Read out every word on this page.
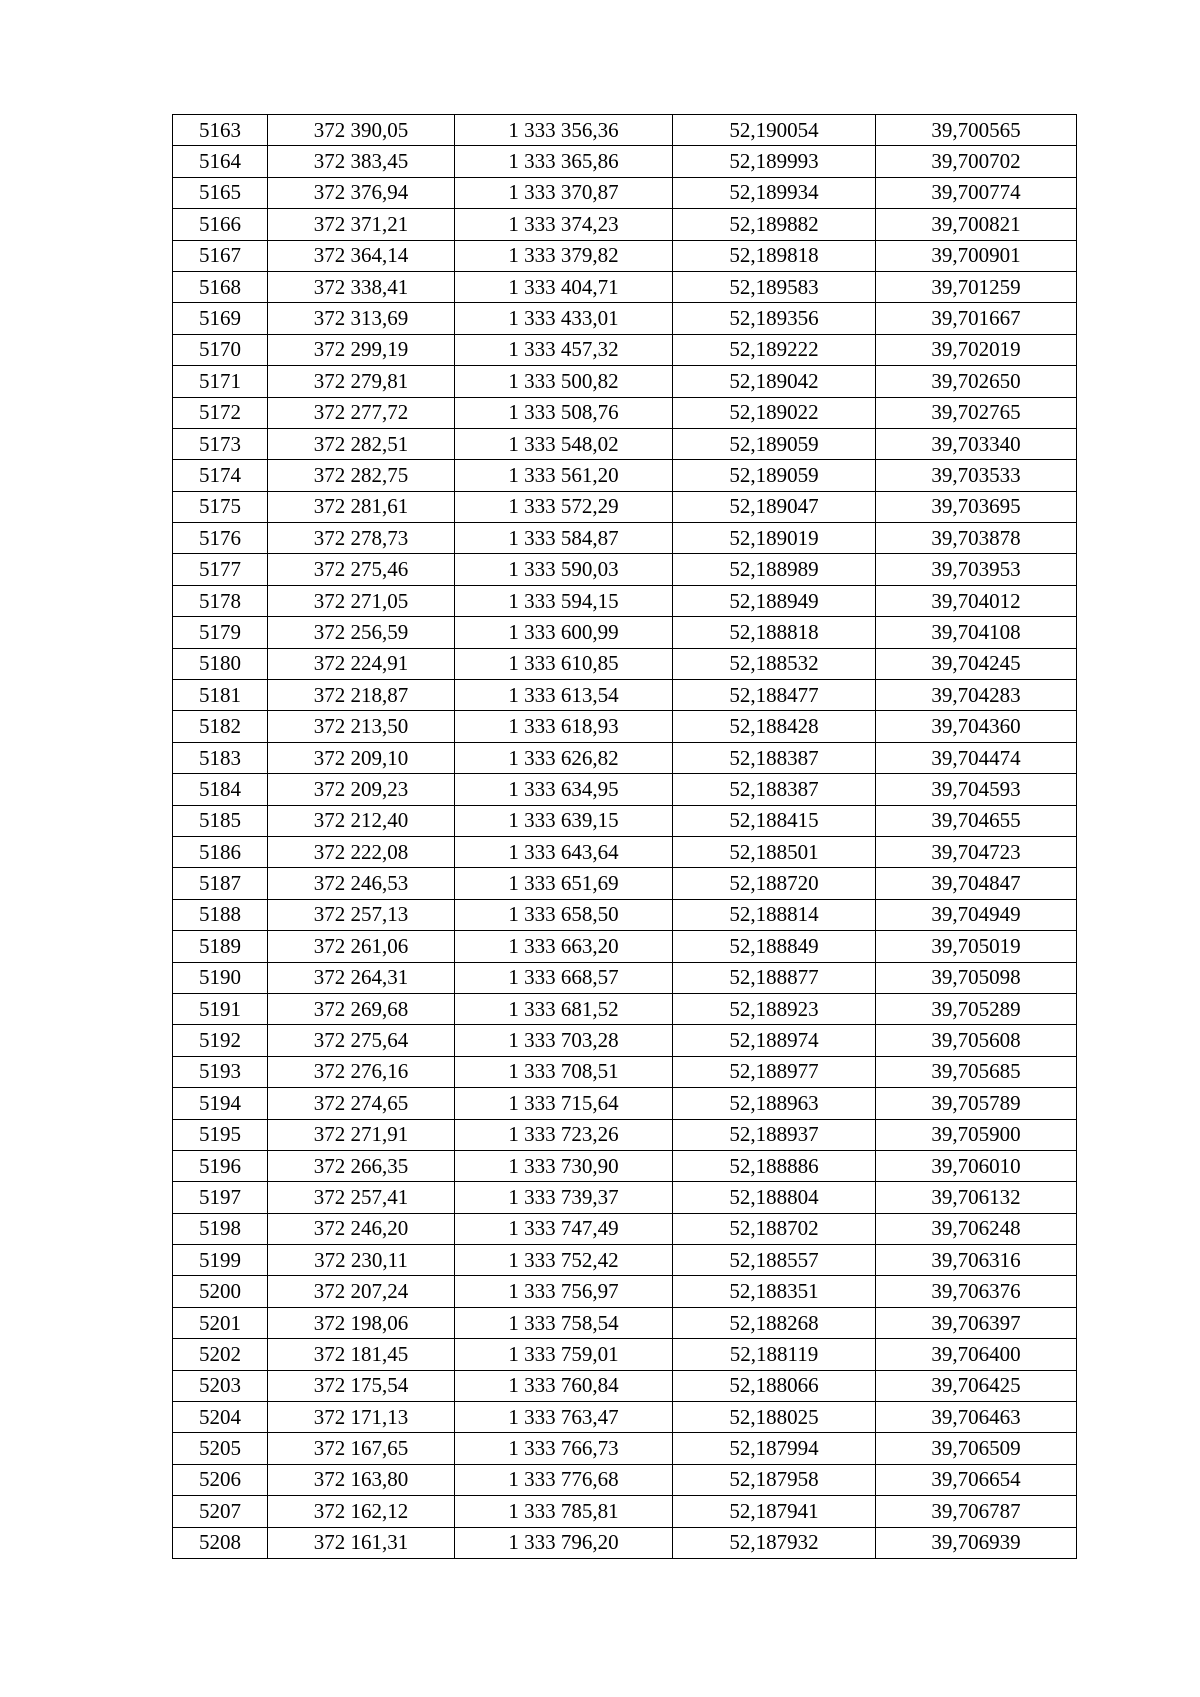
5163	372 390,05	1 333 356,36	52,190054	39,700565
5164	372 383,45	1 333 365,86	52,189993	39,700702
5165	372 376,94	1 333 370,87	52,189934	39,700774
5166	372 371,21	1 333 374,23	52,189882	39,700821
5167	372 364,14	1 333 379,82	52,189818	39,700901
5168	372 338,41	1 333 404,71	52,189583	39,701259
5169	372 313,69	1 333 433,01	52,189356	39,701667
5170	372 299,19	1 333 457,32	52,189222	39,702019
5171	372 279,81	1 333 500,82	52,189042	39,702650
5172	372 277,72	1 333 508,76	52,189022	39,702765
5173	372 282,51	1 333 548,02	52,189059	39,703340
5174	372 282,75	1 333 561,20	52,189059	39,703533
5175	372 281,61	1 333 572,29	52,189047	39,703695
5176	372 278,73	1 333 584,87	52,189019	39,703878
5177	372 275,46	1 333 590,03	52,188989	39,703953
5178	372 271,05	1 333 594,15	52,188949	39,704012
5179	372 256,59	1 333 600,99	52,188818	39,704108
5180	372 224,91	1 333 610,85	52,188532	39,704245
5181	372 218,87	1 333 613,54	52,188477	39,704283
5182	372 213,50	1 333 618,93	52,188428	39,704360
5183	372 209,10	1 333 626,82	52,188387	39,704474
5184	372 209,23	1 333 634,95	52,188387	39,704593
5185	372 212,40	1 333 639,15	52,188415	39,704655
5186	372 222,08	1 333 643,64	52,188501	39,704723
5187	372 246,53	1 333 651,69	52,188720	39,704847
5188	372 257,13	1 333 658,50	52,188814	39,704949
5189	372 261,06	1 333 663,20	52,188849	39,705019
5190	372 264,31	1 333 668,57	52,188877	39,705098
5191	372 269,68	1 333 681,52	52,188923	39,705289
5192	372 275,64	1 333 703,28	52,188974	39,705608
5193	372 276,16	1 333 708,51	52,188977	39,705685
5194	372 274,65	1 333 715,64	52,188963	39,705789
5195	372 271,91	1 333 723,26	52,188937	39,705900
5196	372 266,35	1 333 730,90	52,188886	39,706010
5197	372 257,41	1 333 739,37	52,188804	39,706132
5198	372 246,20	1 333 747,49	52,188702	39,706248
5199	372 230,11	1 333 752,42	52,188557	39,706316
5200	372 207,24	1 333 756,97	52,188351	39,706376
5201	372 198,06	1 333 758,54	52,188268	39,706397
5202	372 181,45	1 333 759,01	52,188119	39,706400
5203	372 175,54	1 333 760,84	52,188066	39,706425
5204	372 171,13	1 333 763,47	52,188025	39,706463
5205	372 167,65	1 333 766,73	52,187994	39,706509
5206	372 163,80	1 333 776,68	52,187958	39,706654
5207	372 162,12	1 333 785,81	52,187941	39,706787
5208	372 161,31	1 333 796,20	52,187932	39,706939
